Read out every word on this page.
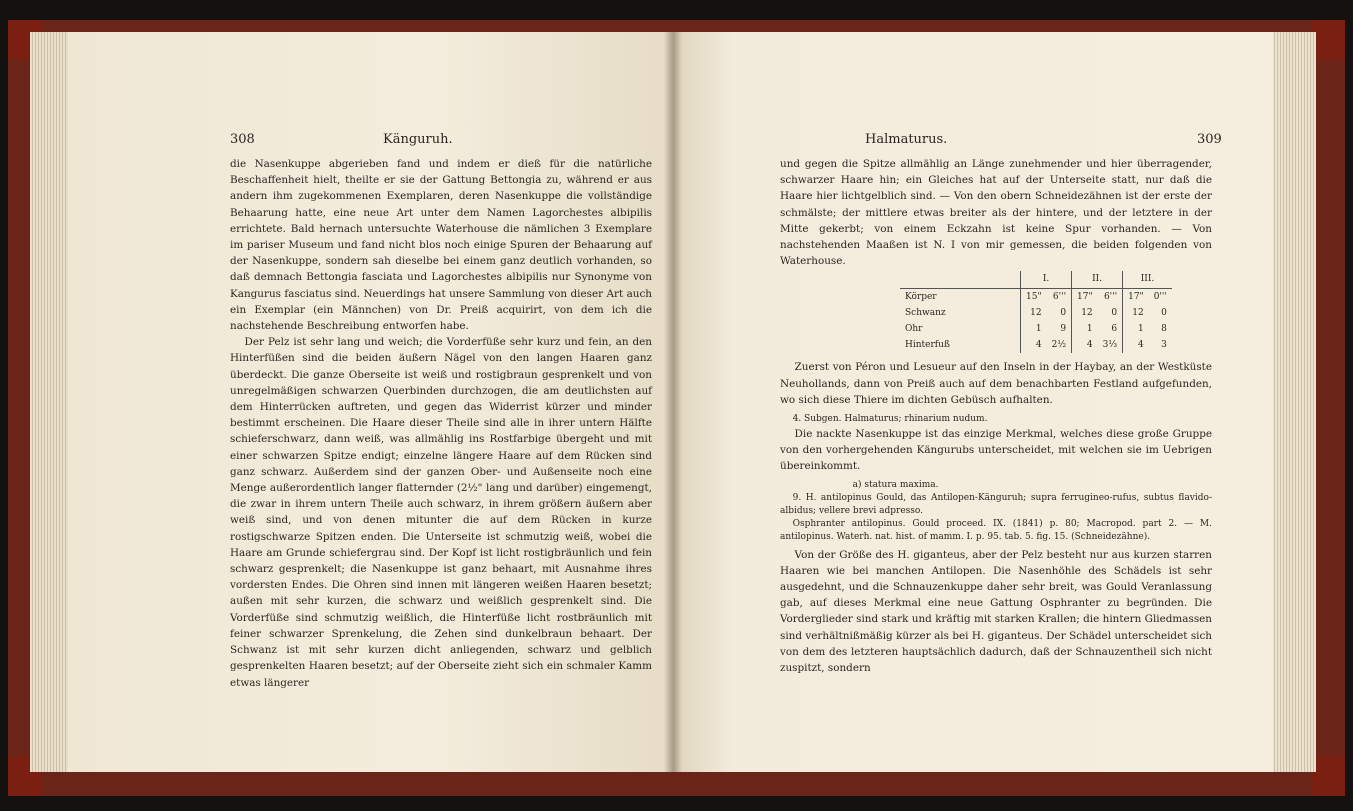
308	Känguruh.

die Nasenkuppe abgerieben fand und indem er dieß für die natürliche Beschaffenheit hielt, theilte er sie der Gattung Bettongia zu, während er aus andern ihm zugekommenen Exemplaren, deren Nasenkuppe die vollständige Behaarung hatte, eine neue Art unter dem Namen Lagorchestes albipilis errichtete. Bald hernach untersuchte Waterhouse die nämlichen 3 Exemplare im pariser Museum und fand nicht blos noch einige Spuren der Behaarung auf der Nasenkuppe, sondern sah dieselbe bei einem ganz deutlich vorhanden, so daß demnach Bettongia fasciata und Lagorchestes albipilis nur Synonyme von Kangurus fasciatus sind. Neuerdings hat unsere Sammlung von dieser Art auch ein Exemplar (ein Männchen) von Dr. Preiß acquirirt, von dem ich die nachstehende Beschreibung entworfen habe.

Der Pelz ist sehr lang und weich; die Vorderfüße sehr kurz und fein, an den Hinterfüßen sind die beiden äußern Nägel von den langen Haaren ganz überdeckt. Die ganze Oberseite ist weiß und rostigbraun gesprenkelt und von unregelmäßigen schwarzen Querbinden durchzogen, die am deutlichsten auf dem Hinterrücken auftreten, und gegen das Widerrist kürzer und minder bestimmt erscheinen. Die Haare dieser Theile sind alle in ihrer untern Hälfte schieferschwarz, dann weiß, was allmählig ins Rostfarbige übergeht und mit einer schwarzen Spitze endigt; einzelne längere Haare auf dem Rücken sind ganz schwarz. Außerdem sind der ganzen Ober- und Außenseite noch eine Menge außerordentlich langer flatternder (2½" lang und darüber) eingemengt, die zwar in ihrem untern Theile auch schwarz, in ihrem größern äußern aber weiß sind, und von denen mitunter die auf dem Rücken in kurze rostigschwarze Spitzen enden. Die Unterseite ist schmutzig weiß, wobei die Haare am Grunde schiefergrau sind. Der Kopf ist licht rostigbräunlich und fein schwarz gesprenkelt; die Nasenkuppe ist ganz behaart, mit Ausnahme ihres vordersten Endes. Die Ohren sind innen mit längeren weißen Haaren besetzt; außen mit sehr kurzen, die schwarz und weißlich gesprenkelt sind. Die Vorderfüße sind schmutzig weißlich, die Hinterfüße licht rostbräunlich mit feiner schwarzer Sprenkelung, die Zehen sind dunkelbraun behaart. Der Schwanz ist mit sehr kurzen dicht anliegenden, schwarz und gelblich gesprenkelten Haaren besetzt; auf der Oberseite zieht sich ein schmaler Kamm etwas längerer

Halmaturus.	309

und gegen die Spitze allmählig an Länge zunehmender und hier überragender, schwarzer Haare hin; ein Gleiches hat auf der Unterseite statt, nur daß die Haare hier lichtgelblich sind. — Von den obern Schneidezähnen ist der erste der schmälste; der mittlere etwas breiter als der hintere, und der letztere in der Mitte gekerbt; von einem Eckzahn ist keine Spur vorhanden. — Von nachstehenden Maaßen ist N. I von mir gemessen, die beiden folgenden von Waterhouse.

	I.		II.		III.	
Körper	15"	6'''	17"	6'''	17"	0'''
Schwanz	12	0	12	0	12	0
Ohr	1	9	1	6	1	8
Hinterfuß	4	2½	4	3⅓	4	3

Zuerst von Péron und Lesueur auf den Inseln in der Haybay, an der Westküste Neuhollands, dann von Preiß auch auf dem benachbarten Festland aufgefunden, wo sich diese Thiere im dichten Gebüsch aufhalten.

4. Subgen. Halmaturus; rhinarium nudum.

Die nackte Nasenkuppe ist das einzige Merkmal, welches diese große Gruppe von den vorhergehenden Kängurubs unterscheidet, mit welchen sie im Uebrigen übereinkommt.

a) statura maxima.

9. H. antilopinus Gould, das Antilopen-Känguruh; supra ferrugineo-rufus, subtus flavido-albidus; vellere brevi adpresso.

Osphranter antilopinus. Gould proceed. IX. (1841) p. 80; Macropod. part 2. — M. antilopinus. Waterh. nat. hist. of mamm. I. p. 95. tab. 5. fig. 15. (Schneidezähne).

Von der Größe des H. giganteus, aber der Pelz besteht nur aus kurzen starren Haaren wie bei manchen Antilopen. Die Nasenhöhle des Schädels ist sehr ausgedehnt, und die Schnauzenkuppe daher sehr breit, was Gould Veranlassung gab, auf dieses Merkmal eine neue Gattung Osphranter zu begründen. Die Vorderglieder sind stark und kräftig mit starken Krallen; die hintern Gliedmassen sind verhältnißmäßig kürzer als bei H. giganteus. Der Schädel unterscheidet sich von dem des letzteren hauptsächlich dadurch, daß der Schnauzentheil sich nicht zuspitzt, sondern
